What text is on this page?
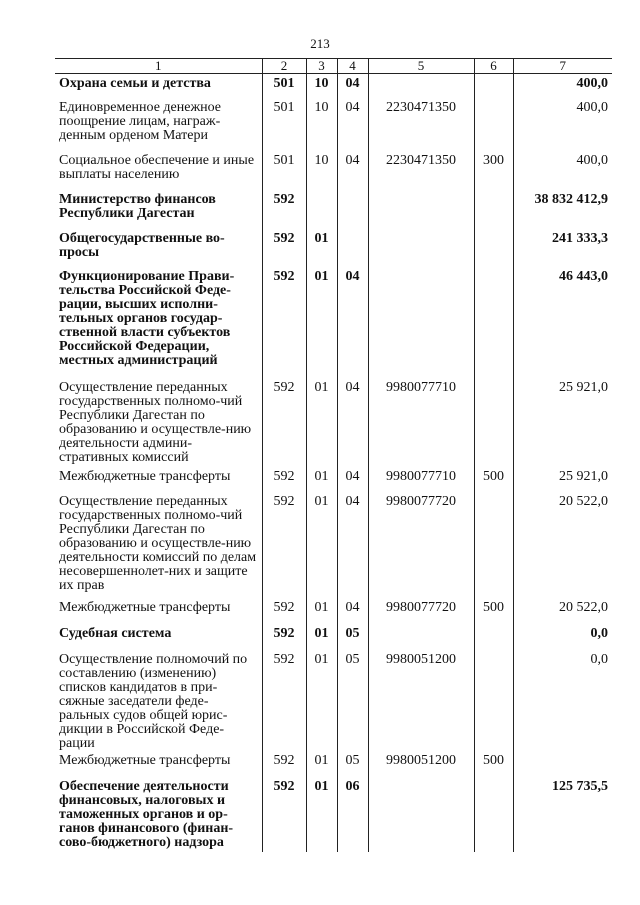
213
1	2	3	4	5	6	7
Охрана семьи и детства	501	10	04			400,0
Единовременное денежное поощрение лицам, награж-денным орденом Матери	501	10	04	2230471350		400,0
Социальное обеспечение и иные выплаты населению	501	10	04	2230471350	300	400,0
Министерство финансов Республики Дагестан	592					38 832 412,9
Общегосударственные во-просы	592	01				241 333,3
Функционирование Прави-тельства Российской Феде-рации, высших исполни-тельных органов государ-ственной власти субъектов Российской Федерации, местных администраций	592	01	04			46 443,0
Осуществление переданных государственных полномо-чий Республики Дагестан по образованию и осуществле-нию деятельности админи-стративных комиссий	592	01	04	9980077710		25 921,0
Межбюджетные трансферты	592	01	04	9980077710	500	25 921,0
Осуществление переданных государственных полномо-чий Республики Дагестан по образованию и осуществле-нию деятельности комиссий по делам несовершеннолет-них и защите их прав	592	01	04	9980077720		20 522,0
Межбюджетные трансферты	592	01	04	9980077720	500	20 522,0
Судебная система	592	01	05			0,0
Осуществление полномочий по составлению (изменению) списков кандидатов в при-сяжные заседатели феде-ральных судов общей юрис-дикции в Российской Феде-рации	592	01	05	9980051200		0,0
Межбюджетные трансферты	592	01	05	9980051200	500	
Обеспечение деятельности финансовых, налоговых и таможенных органов и ор-ганов финансового (финан-сово-бюджетного) надзора	592	01	06			125 735,5
